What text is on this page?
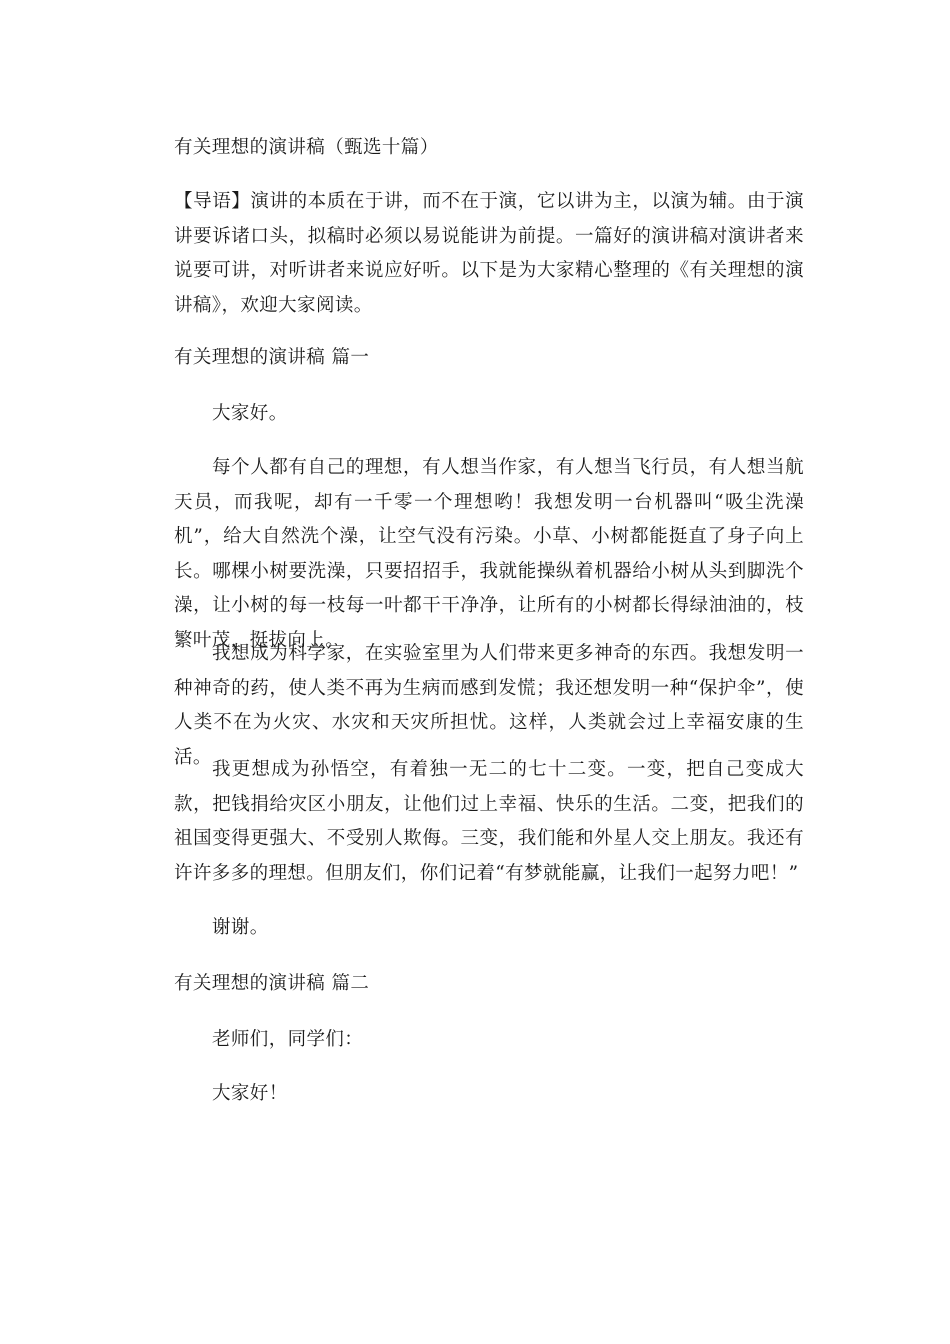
有关理想的演讲稿（甄选十篇）
【导语】演讲的本质在于讲，而不在于演，它以讲为主，以演为辅。由于演讲要诉诸口头，拟稿时必须以易说能讲为前提。一篇好的演讲稿对演讲者来说要可讲，对听讲者来说应好听。以下是为大家精心整理的《有关理想的演讲稿》，欢迎大家阅读。
有关理想的演讲稿 篇一
大家好。
每个人都有自己的理想，有人想当作家，有人想当飞行员，有人想当航天员，而我呢，却有一千零一个理想哟！我想发明一台机器叫“吸尘洗澡机”，给大自然洗个澡，让空气没有污染。小草、小树都能挺直了身子向上长。哪棵小树要洗澡，只要招招手，我就能操纵着机器给小树从头到脚洗个澡，让小树的每一枝每一叶都干干净净，让所有的小树都长得绿油油的，枝繁叶茂，挺拔向上。
我想成为科学家，在实验室里为人们带来更多神奇的东西。我想发明一种神奇的药，使人类不再为生病而感到发慌；我还想发明一种“保护伞”，使人类不在为火灾、水灾和天灾所担忧。这样，人类就会过上幸福安康的生活。
我更想成为孙悟空，有着独一无二的七十二变。一变，把自己变成大款，把钱捐给灾区小朋友，让他们过上幸福、快乐的生活。二变，把我们的祖国变得更强大、不受别人欺侮。三变，我们能和外星人交上朋友。我还有许许多多的理想。但朋友们，你们记着“有梦就能赢，让我们一起努力吧！”
谢谢。
有关理想的演讲稿 篇二
老师们，同学们：
大家好！
